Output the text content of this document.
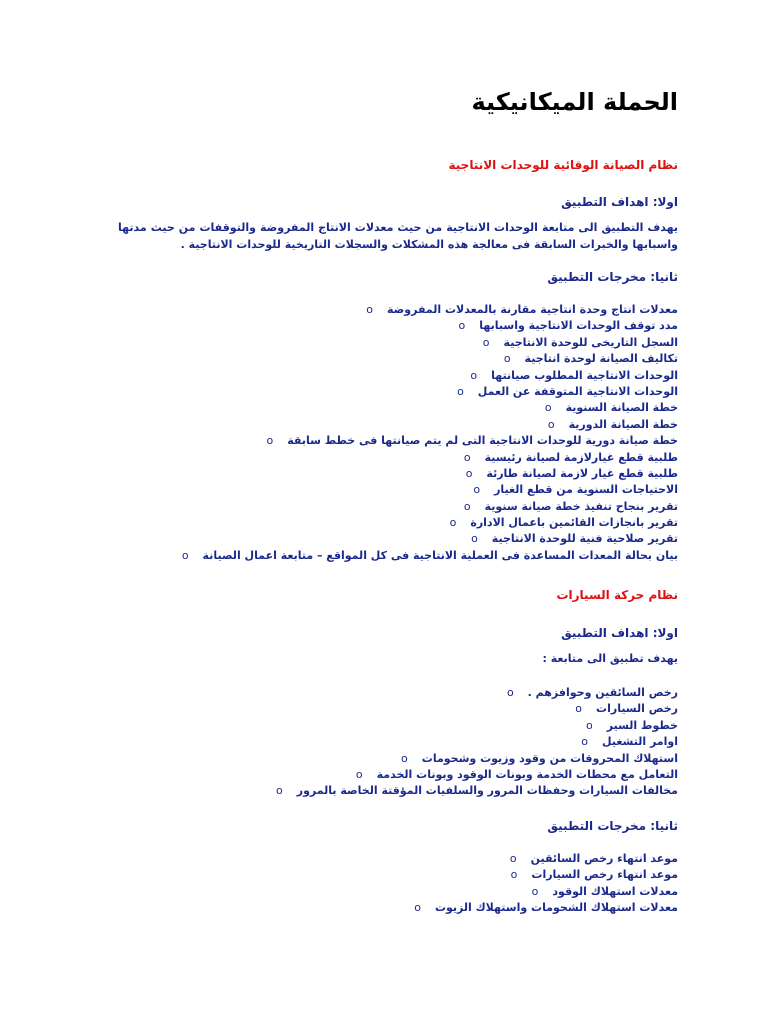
الحملة الميكانيكية
نظام الصيانة الوقائية للوحدات الانتاجية
اولا: اهداف التطبيق

يهدف التطبيق الى متابعة الوحدات الانتاجية من حيث معدلات الانتاج المفروضة والتوقفات من حيث مدتها واسبابها والخبرات السابقة فى معالجة هذه المشكلات والسجلات التاريخية للوحدات الانتاجية .

ثانيا: مخرجات التطبيق
معدلات انتاج وحدة انتاجية مقارنة بالمعدلات المفروضةo
مدد توقف الوحدات الانتاجية واسبابهاo
السجل التاريخى للوحدة الانتاجيةo
تكاليف الصيانة لوحدة انتاجيةo
الوحدات الانتاجية المطلوب صيانتهاo
الوحدات الانتاجية المتوقفة عن العملo
خطة الصيانة السنويةo
خطة الصيانة الدوريةo
خطة صيانة دورية للوحدات الانتاجية التى لم يتم صيانتها فى خطط سابقةo
طلبية قطع غيارلازمة لصيانة رئيسيةo
طلبية قطع غيار لازمة لصيانة طارئةo
الاحتياجات السنوية من قطع الغيارo
تقرير بنجاح تنفيذ خطة صيانة سنويةo
تقرير بانجازات القائمين باعمال الادارةo
تقرير صلاحية فنية للوحدة الانتاجيةo
بيان بحالة المعدات المساعدة فى العملية الانتاجية فى كل المواقع – متابعة اعمال الصيانةo
نظام حركة السيارات
اولا: اهداف التطبيق
يهدف تطبيق الى متابعة :
رخص السائقين وحوافزهم .o
رخص السياراتo
خطوط السيرo
اوامر التشغيلo
استهلاك المحروقات من وقود وزيوت وشحوماتo
التعامل مع محطات الخدمة وبونات الوقود وبونات الخدمةo
مخالفات السيارات وحفظات المرور والسلفيات المؤقتة الخاصة بالمرورo
ثانيا: مخرجات التطبيق
موعد انتهاء رخص السائقينo
موعد انتهاء رخص السياراتo
معدلات استهلاك الوقودo
معدلات استهلاك الشحومات واستهلاك الزيوتo
